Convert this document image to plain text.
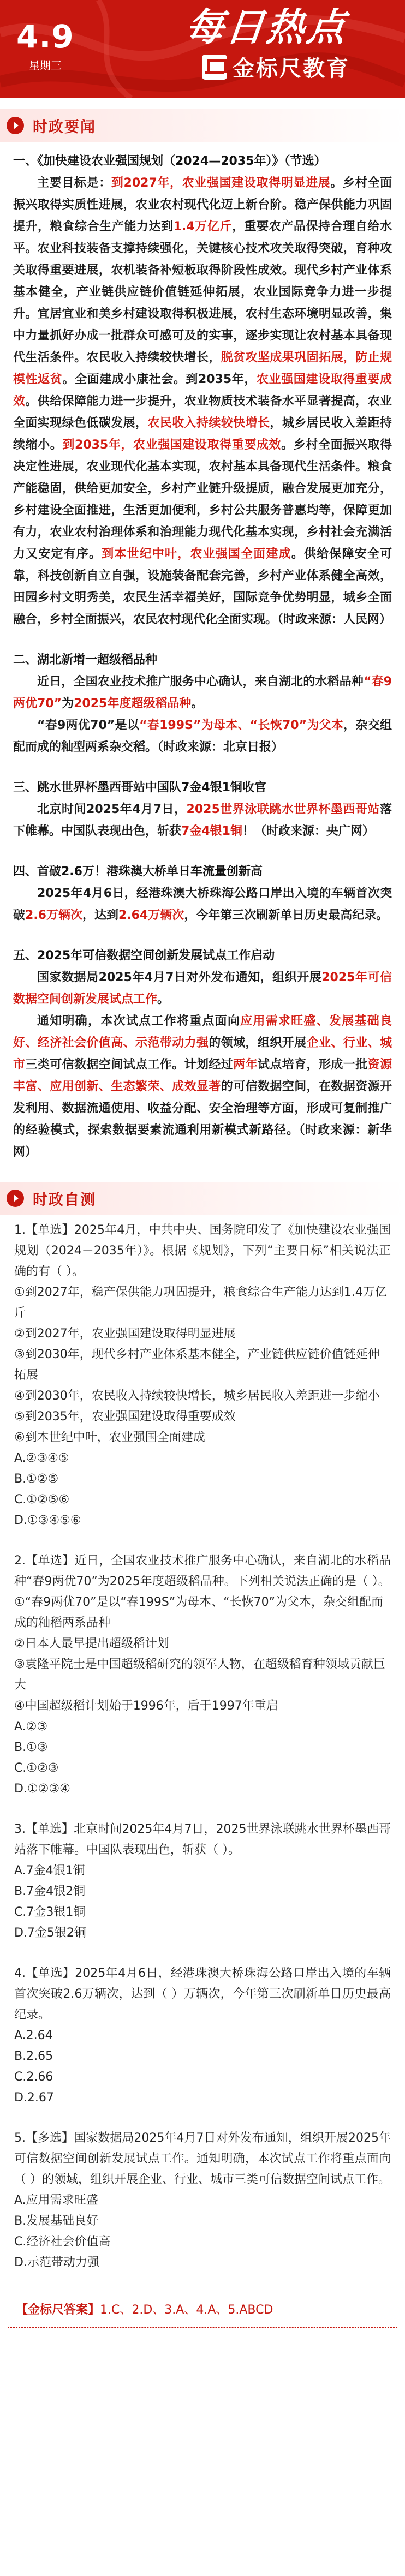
4.9
星期三
每日热点
金标尺教育
时政要闻
一、《加快建设农业强国规划（2024—2035年）》（节选）
主要目标是：到2027年，农业强国建设取得明显进展。乡村全面振兴取得实质性进展，农业农村现代化迈上新台阶。稳产保供能力巩固提升，粮食综合生产能力达到1.4万亿斤，重要农产品保持合理自给水平。农业科技装备支撑持续强化，关键核心技术攻关取得突破，育种攻关取得重要进展，农机装备补短板取得阶段性成效。现代乡村产业体系基本健全，产业链供应链价值链延伸拓展，农业国际竞争力进一步提升。宜居宜业和美乡村建设取得积极进展，农村生态环境明显改善，集中力量抓好办成一批群众可感可及的实事，逐步实现让农村基本具备现代生活条件。农民收入持续较快增长，脱贫攻坚成果巩固拓展，防止规模性返贫。全面建成小康社会。到2035年，农业强国建设取得重要成效。供给保障能力进一步提升，农业物质技术装备水平显著提高，农业全面实现绿色低碳发展，农民收入持续较快增长，城乡居民收入差距持续缩小。到2035年，农业强国建设取得重要成效。乡村全面振兴取得决定性进展，农业现代化基本实现，农村基本具备现代生活条件。粮食产能稳固，供给更加安全，乡村产业链升级提质，融合发展更加充分，乡村建设全面推进，生活更加便利，乡村公共服务普惠均等，保障更加有力，农业农村治理体系和治理能力现代化基本实现，乡村社会充满活力又安定有序。到本世纪中叶，农业强国全面建成。供给保障安全可靠，科技创新自立自强，设施装备配套完善，乡村产业体系健全高效，田园乡村文明秀美，农民生活幸福美好，国际竞争优势明显，城乡全面融合，乡村全面振兴，农民农村现代化全面实现。（时政来源：人民网）
二、湖北新增一超级稻品种
近日，全国农业技术推广服务中心确认，来自湖北的水稻品种“春9两优70”为2025年度超级稻品种。
“春9两优70”是以“春199S”为母本、“长恢70”为父本，杂交组配而成的籼型两系杂交稻。（时政来源：北京日报）
三、跳水世界杯墨西哥站中国队7金4银1铜收官
北京时间2025年4月7日，2025世界泳联跳水世界杯墨西哥站落下帷幕。中国队表现出色，斩获7金4银1铜！（时政来源：央广网）
四、首破2.6万！港珠澳大桥单日车流量创新高
2025年4月6日，经港珠澳大桥珠海公路口岸出入境的车辆首次突破2.6万辆次，达到2.64万辆次，今年第三次刷新单日历史最高纪录。
五、2025年可信数据空间创新发展试点工作启动
国家数据局2025年4月7日对外发布通知，组织开展2025年可信数据空间创新发展试点工作。
通知明确，本次试点工作将重点面向应用需求旺盛、发展基础良好、经济社会价值高、示范带动力强的领域，组织开展企业、行业、城市三类可信数据空间试点工作。计划经过两年试点培育，形成一批资源丰富、应用创新、生态繁荣、成效显著的可信数据空间，在数据资源开发利用、数据流通使用、收益分配、安全治理等方面，形成可复制推广的经验模式，探索数据要素流通利用新模式新路径。（时政来源：新华网）
时政自测
1.【单选】2025年4月，中共中央、国务院印发了《加快建设农业强国规划（2024－2035年）》。根据《规划》，下列“主要目标”相关说法正确的有（ ）。
①到2027年，稳产保供能力巩固提升，粮食综合生产能力达到1.4万亿斤
②到2027年，农业强国建设取得明显进展
③到2030年，现代乡村产业体系基本健全，产业链供应链价值链延伸拓展
④到2030年，农民收入持续较快增长，城乡居民收入差距进一步缩小
⑤到2035年，农业强国建设取得重要成效
⑥到本世纪中叶，农业强国全面建成
A.②③④⑤
B.①②⑤
C.①②⑤⑥
D.①③④⑤⑥
2.【单选】近日，全国农业技术推广服务中心确认，来自湖北的水稻品种“春9两优70”为2025年度超级稻品种。下列相关说法正确的是（ ）。
①“春9两优70”是以“春199S”为母本、“长恢70”为父本，杂交组配而成的籼稻两系品种
②日本人最早提出超级稻计划
③袁隆平院士是中国超级稻研究的领军人物，在超级稻育种领域贡献巨大
④中国超级稻计划始于1996年，后于1997年重启
A.②③
B.①③
C.①②③
D.①②③④
3.【单选】北京时间2025年4月7日，2025世界泳联跳水世界杯墨西哥站落下帷幕。中国队表现出色，斩获（ ）。
A.7金4银1铜
B.7金4银2铜
C.7金3银1铜
D.7金5银2铜
4.【单选】2025年4月6日，经港珠澳大桥珠海公路口岸出入境的车辆首次突破2.6万辆次，达到（ ）万辆次，今年第三次刷新单日历史最高纪录。
A.2.64
B.2.65
C.2.66
D.2.67
5.【多选】国家数据局2025年4月7日对外发布通知，组织开展2025年可信数据空间创新发展试点工作。通知明确，本次试点工作将重点面向（ ）的领域，组织开展企业、行业、城市三类可信数据空间试点工作。
A.应用需求旺盛
B.发展基础良好
C.经济社会价值高
D.示范带动力强
【金标尺答案】1.C、2.D、3.A、4.A、5.ABCD
